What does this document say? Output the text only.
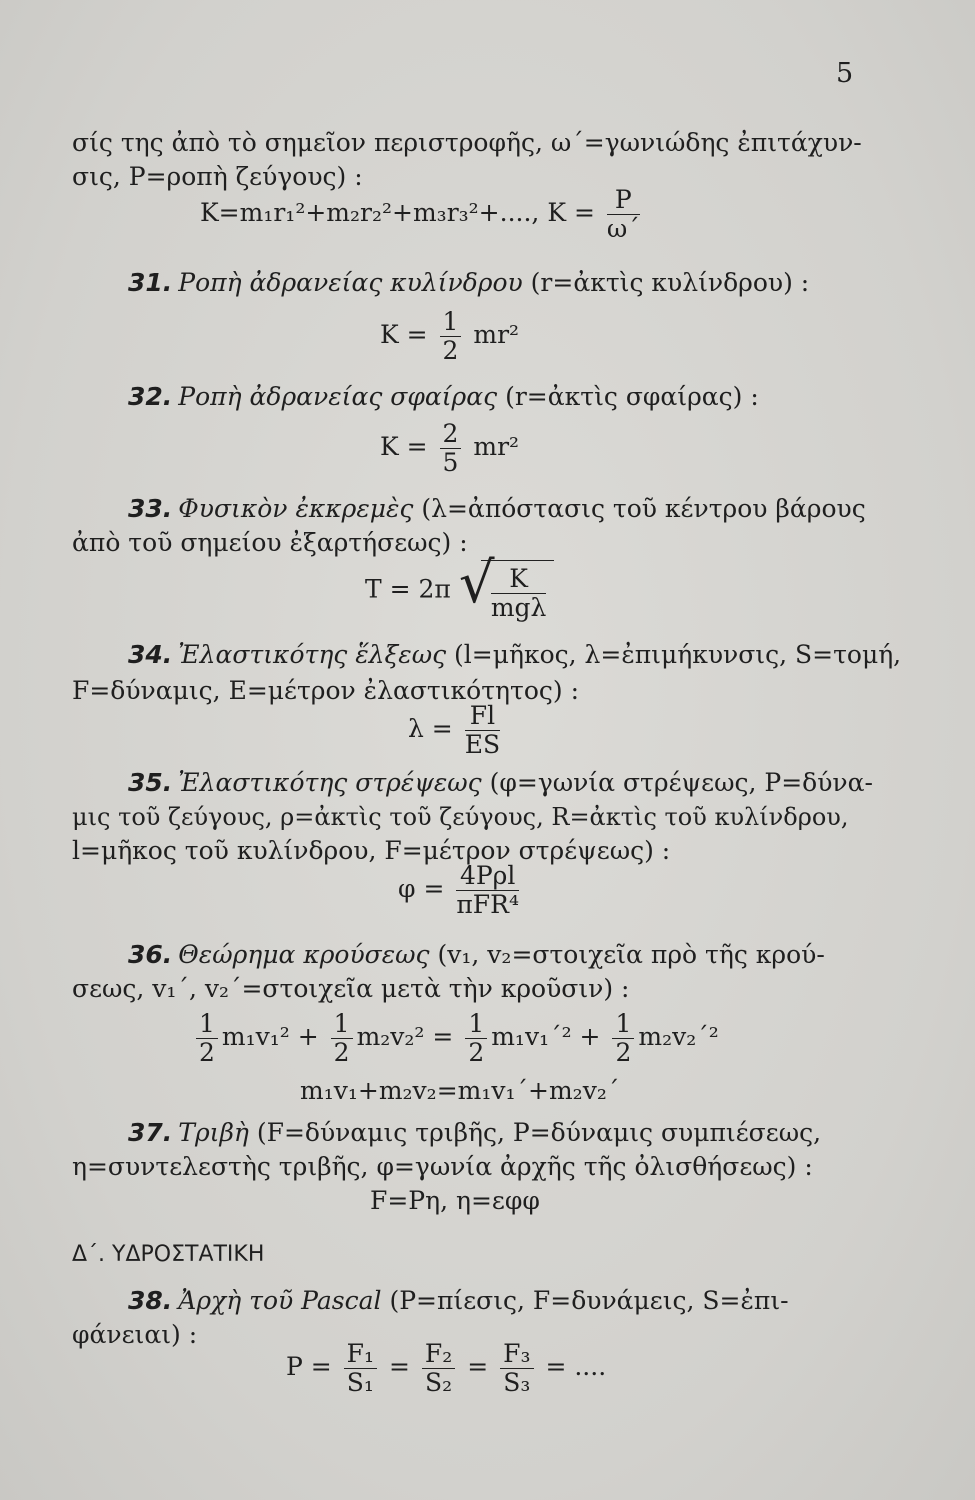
5
σίς της ἀπὸ τὸ σημεῖον περιστροφῆς, ω΄=γωνιώδης ἐπιτάχυν-
σις, P=ροπὴ ζεύγους) :
K=m₁r₁²+m₂r₂²+m₃r₃²+...., $K = \frac{P}{\omega΄}$
31. Ροπὴ ἀδρανείας κυλίνδρου (r=ἀκτὶς κυλίνδρου) :
$K = \frac{1}{2} mr^2$
32. Ροπὴ ἀδρανείας σφαίρας (r=ἀκτὶς σφαίρας) :
$K = \frac{2}{5} mr^2$
33. Φυσικὸν ἐκκρεμὲς (λ=ἀπόστασις τοῦ κέντρου βάρους
ἀπὸ τοῦ σημείου ἐξαρτήσεως) :
T = 2π √
$\frac{K}{\text{mgλ}}$
34. Ἐλαστικότης ἕλξεως (l=μῆκος, λ=ἐπιμήκυνσις, S=τομή,
F=δύναμις, E=μέτρον ἐλαστικότητος) :
$\lambda = \frac{Fl}{ES}$
35. Ἐλαστικότης στρέψεως (φ=γωνία στρέψεως, P=δύνα-
μις τοῦ ζεύγους, ρ=ἀκτὶς τοῦ ζεύγους, R=ἀκτὶς τοῦ κυλίνδρου,
l=μῆκος τοῦ κυλίνδρου, F=μέτρον στρέψεως) :
$\varphi = \frac{\text{4Pρl}}{\text{πFR⁴}}$
36. Θεώρημα κρούσεως (v₁, v₂=στοιχεῖα πρὸ τῆς κρού-
σεως, v₁΄, v₂΄=στοιχεῖα μετὰ τὴν κροῦσιν) :
$\frac{1}{2} m_1v_1^2 + \frac{1}{2} m_2v_2^2 = \frac{1}{2} m_1v_1΄^2 + \frac{1}{2} m_2v_2΄^2$
m₁v₁+m₂v₂=m₁v₁΄+m₂v₂΄
37. Τριβὴ (F=δύναμις τριβῆς, P=δύναμις συμπιέσεως,
η=συντελεστὴς τριβῆς, φ=γωνία ἀρχῆς τῆς ὀλισθήσεως) :
F=Pη, η=εφφ
Δ΄. ΥΔΡΟΣΤΑΤΙΚΗ
38. Ἀρχὴ τοῦ Pascal (P=πίεσις, F=δυνάμεις, S=ἐπι-
φάνειαι) :
$P = \frac{\text{F₁}}{\text{S₁}} = \frac{\text{F₂}}{\text{S₂}} = \frac{\text{F₃}}{\text{S₃}}$ = ....
